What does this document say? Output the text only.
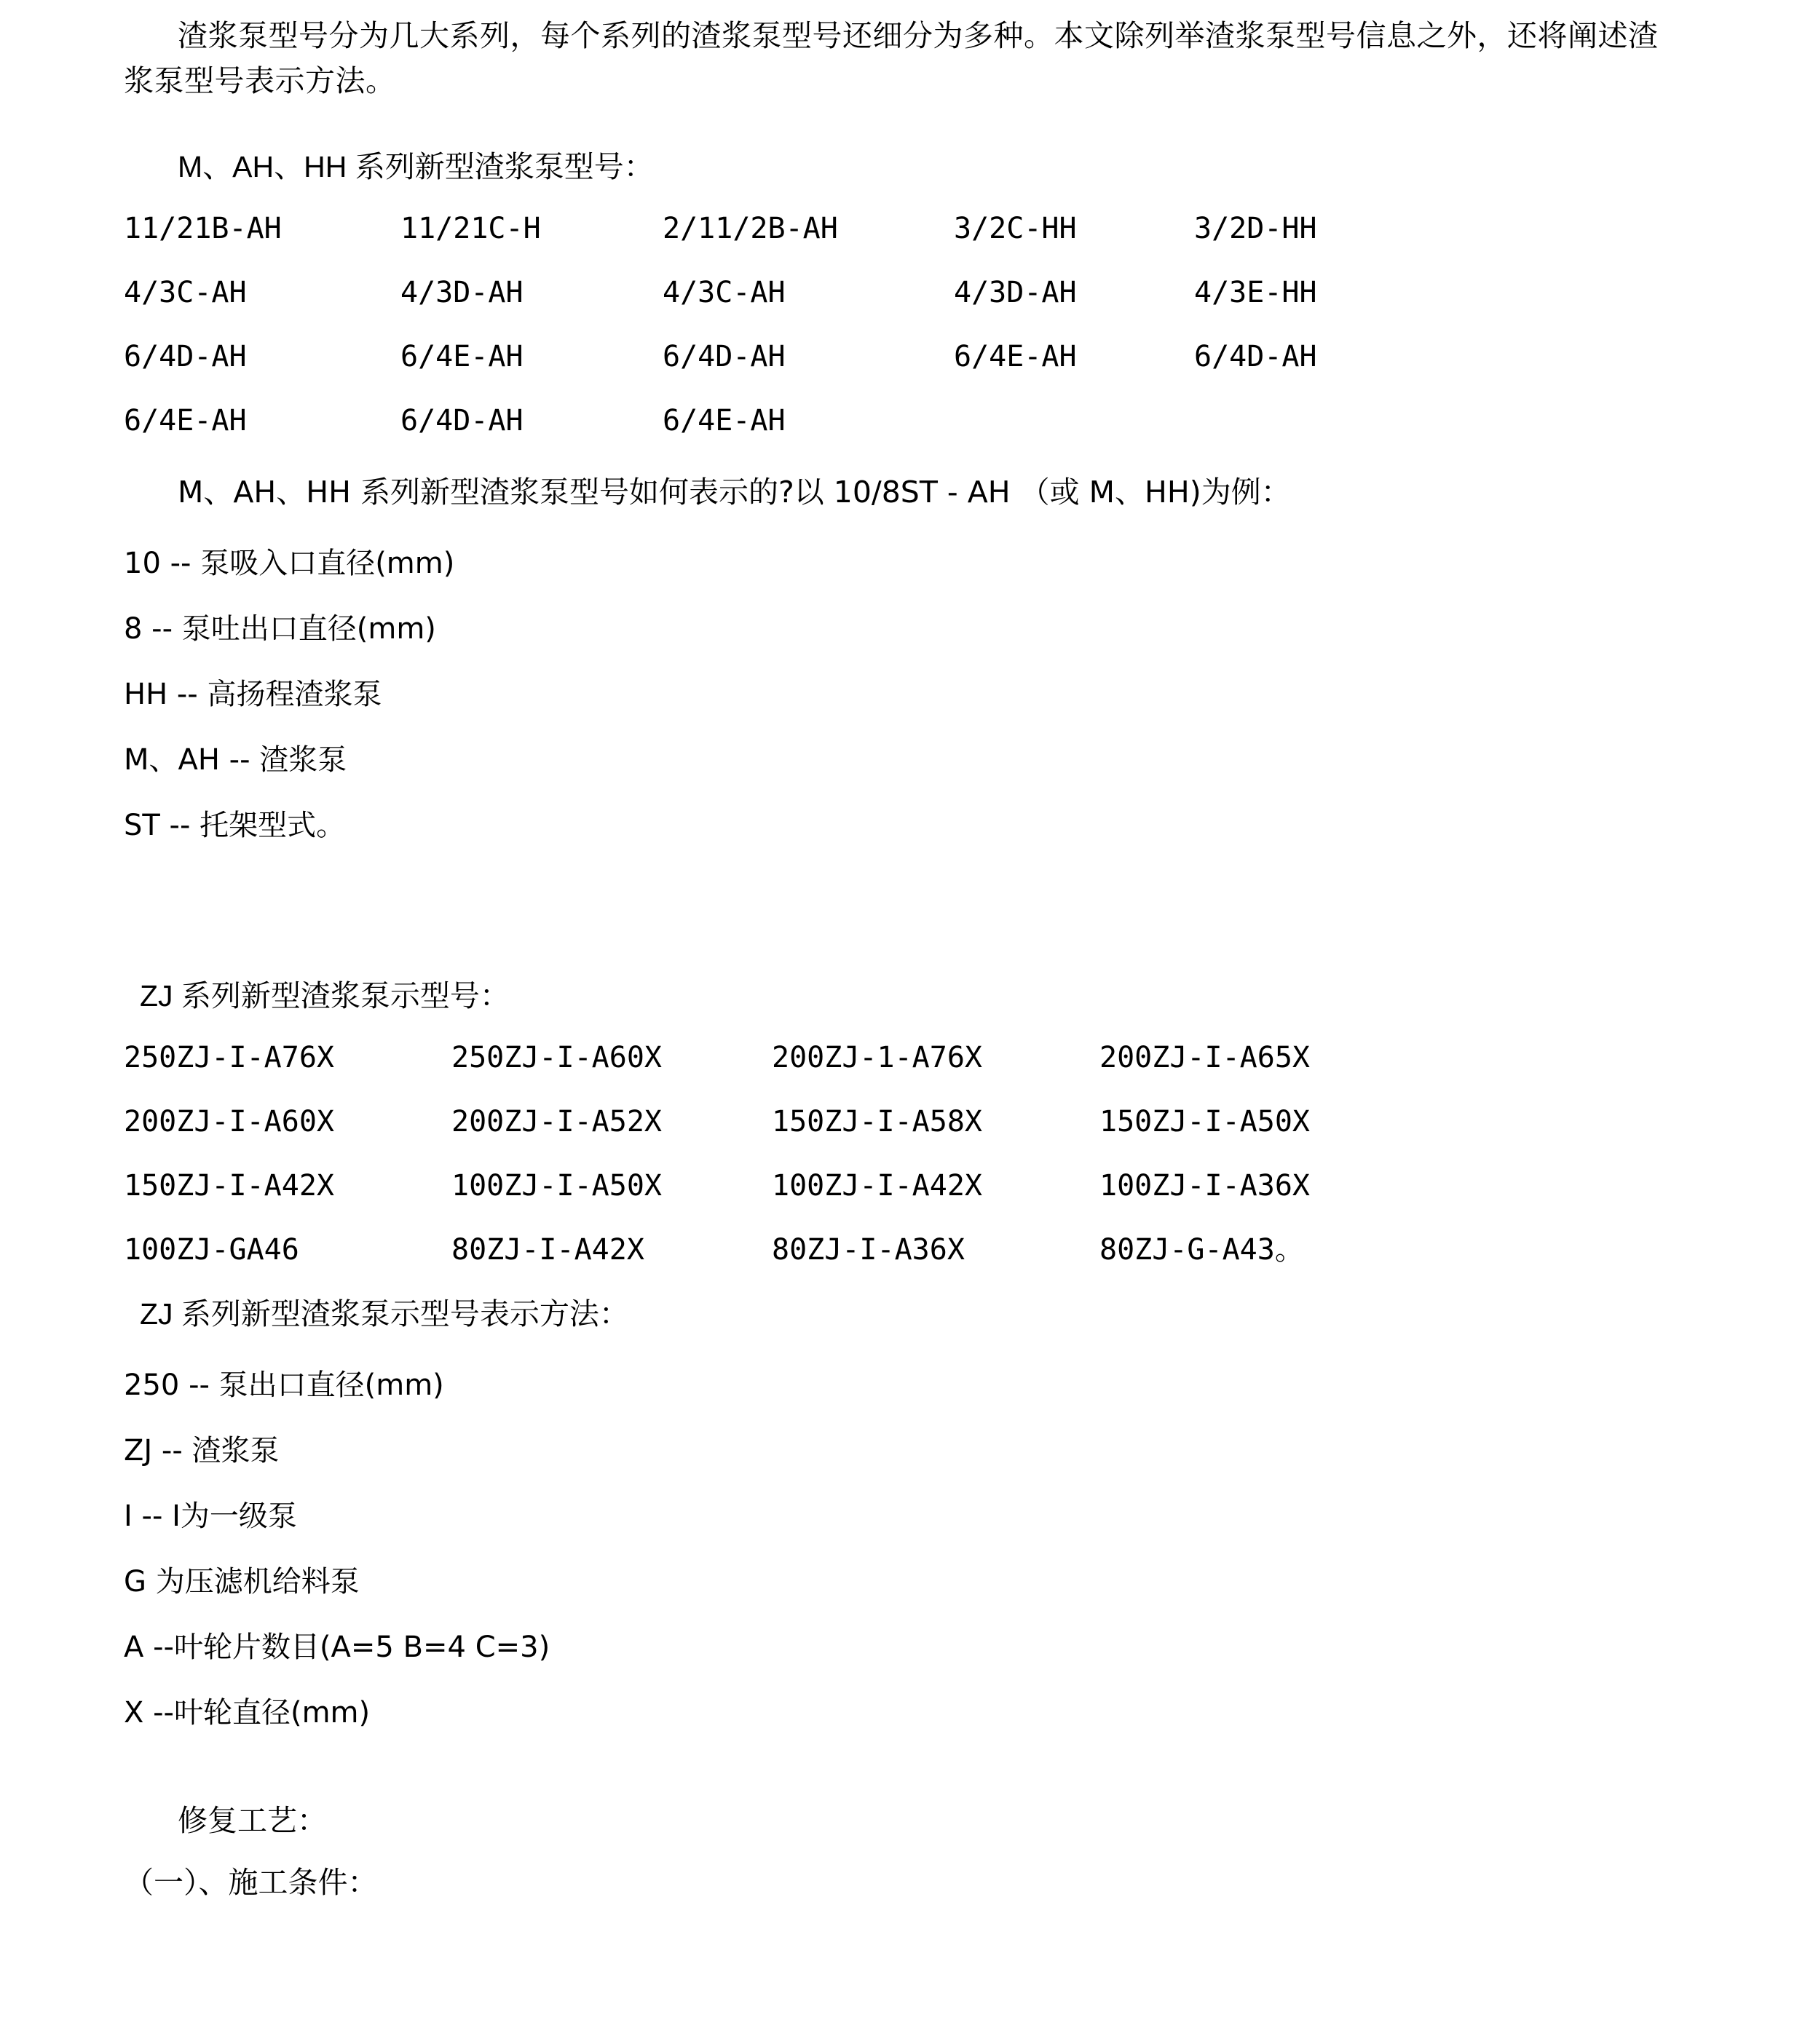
渣浆泵型号分为几大系列，每个系列的渣浆泵型号还细分为多种。本文除列举渣浆泵型号信息之外，还将阐述渣浆泵型号表示方法。

M、AH、HH 系列新型渣浆泵型号：

11/21B-AH	11/21C-H	2/11/2B-AH	3/2C-HH	3/2D-HH
4/3C-AH	4/3D-AH	4/3C-AH	4/3D-AH	4/3E-HH
6/4D-AH	6/4E-AH	6/4D-AH	6/4E-AH	6/4D-AH
6/4E-AH	6/4D-AH	6/4E-AH

M、AH、HH 系列新型渣浆泵型号如何表示的?以 10/8ST - AH （或 M、HH)为例：

10 -- 泵吸入口直径(mm)

8 -- 泵吐出口直径(mm)

HH -- 高扬程渣浆泵

M、AH -- 渣浆泵

ST -- 托架型式。

ZJ 系列新型渣浆泵示型号：

250ZJ-I-A76X	250ZJ-I-A60X	200ZJ-1-A76X	200ZJ-I-A65X
200ZJ-I-A60X	200ZJ-I-A52X	150ZJ-I-A58X	150ZJ-I-A50X
150ZJ-I-A42X	100ZJ-I-A50X	100ZJ-I-A42X	100ZJ-I-A36X
100ZJ-GA46	80ZJ-I-A42X	80ZJ-I-A36X	80ZJ-G-A43。

ZJ 系列新型渣浆泵示型号表示方法：

250 -- 泵出口直径(mm)

ZJ -- 渣浆泵

Ⅰ -- Ⅰ为一级泵

G 为压滤机给料泵

A --叶轮片数目(A=5 B=4 C=3)

X --叶轮直径(mm)

修复工艺：

（一）、施工条件：
